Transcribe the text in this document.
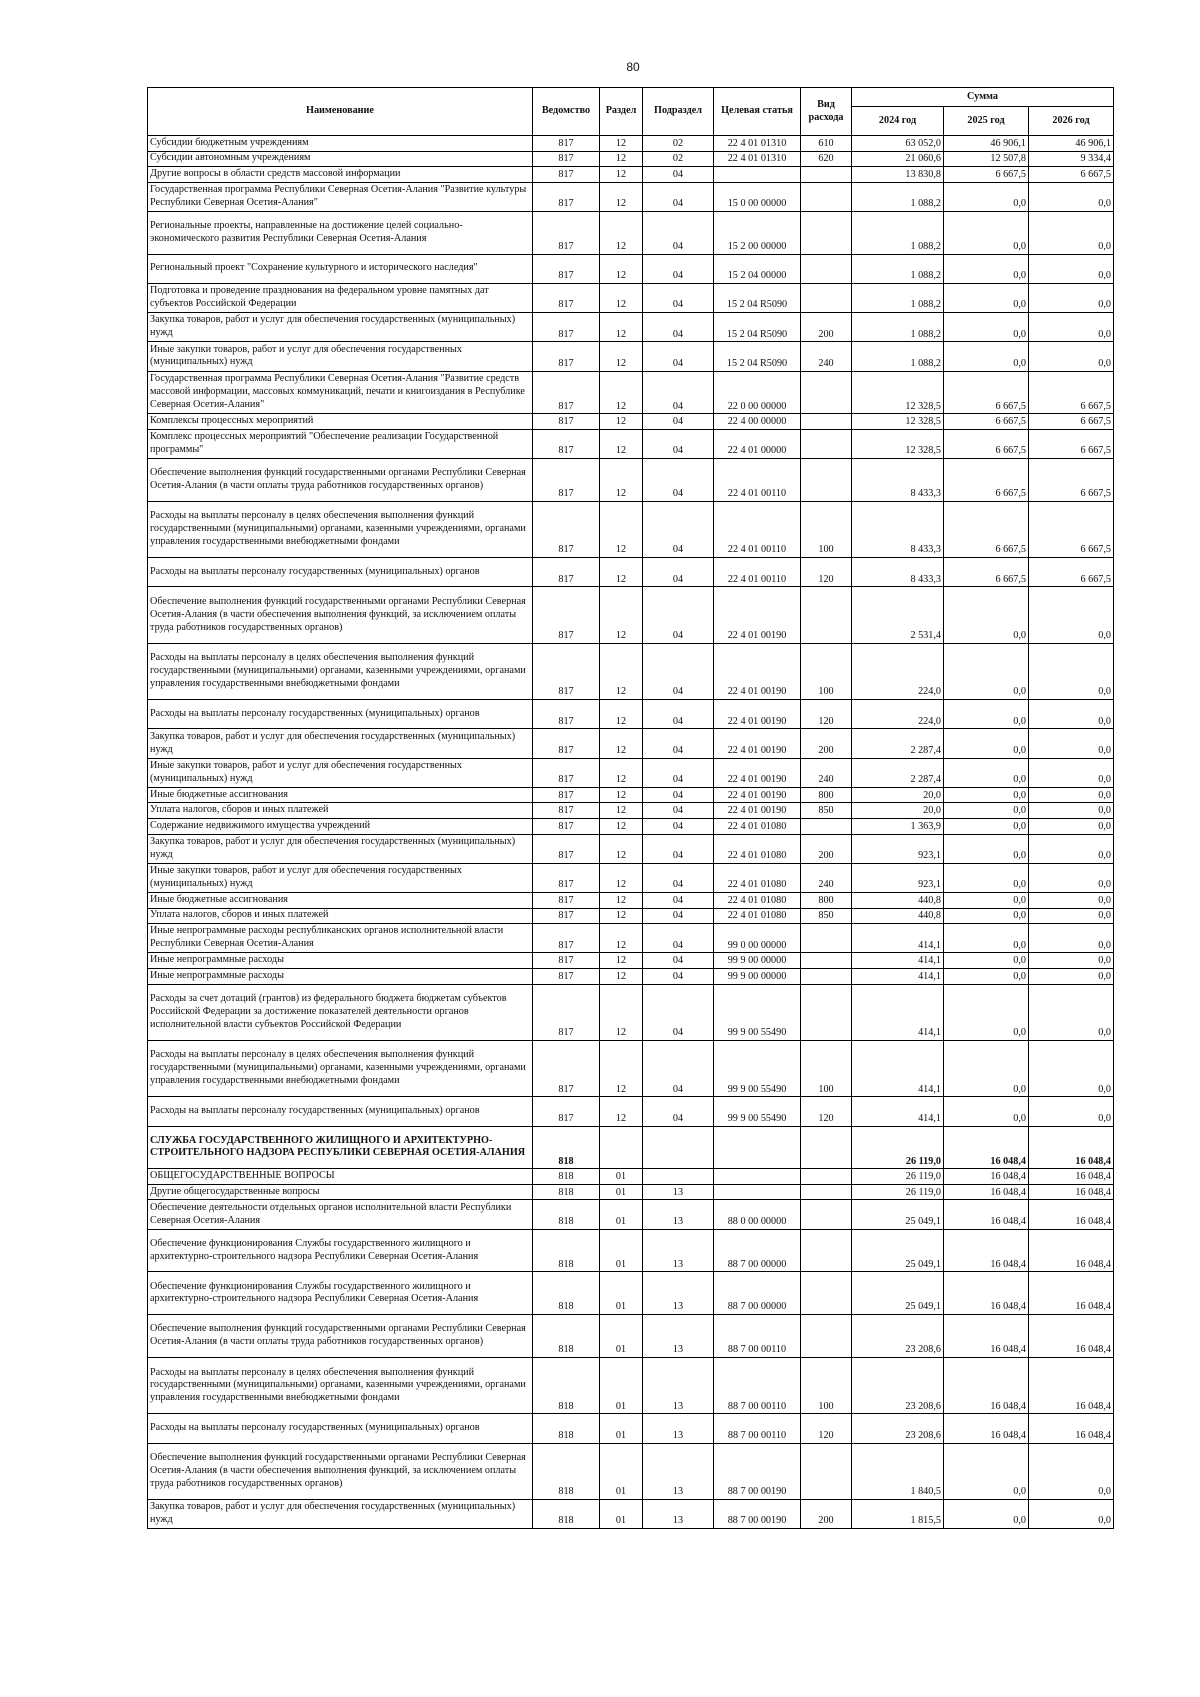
80
Наименование	Ведомство	Раздел	Подраздел	Целевая статья	Вид расхода	Сумма		
						2024 год	2025 год	2026 год
Субсидии бюджетным учреждениям	817	12	02	22 4 01 01310	610	63 052,0	46 906,1	46 906,1
Субсидии автономным учреждениям	817	12	02	22 4 01 01310	620	21 060,6	12 507,8	9 334,4
Другие вопросы в области средств массовой информации	817	12	04			13 830,8	6 667,5	6 667,5
Государственная программа Республики Северная Осетия-Алания "Развитие культуры Республики Северная Осетия-Алания"	817	12	04	15 0 00 00000		1 088,2	0,0	0,0
Региональные проекты, направленные на достижение целей социально-экономического развития Республики Северная Осетия-Алания	817	12	04	15 2 00 00000		1 088,2	0,0	0,0
Региональный проект "Сохранение культурного и исторического наследия"	817	12	04	15 2 04 00000		1 088,2	0,0	0,0
Подготовка и проведение празднования на федеральном уровне памятных дат субъектов Российской Федерации	817	12	04	15 2 04 R5090		1 088,2	0,0	0,0
Закупка товаров, работ и услуг для обеспечения государственных (муниципальных) нужд	817	12	04	15 2 04 R5090	200	1 088,2	0,0	0,0
Иные закупки товаров, работ и услуг для обеспечения государственных (муниципальных) нужд	817	12	04	15 2 04 R5090	240	1 088,2	0,0	0,0
Государственная программа Республики Северная Осетия-Алания "Развитие средств массовой информации, массовых коммуникаций, печати и книгоиздания в Республике Северная Осетия-Алания"	817	12	04	22 0 00 00000		12 328,5	6 667,5	6 667,5
Комплексы процессных мероприятий	817	12	04	22 4 00 00000		12 328,5	6 667,5	6 667,5
Комплекс процессных мероприятий "Обеспечение реализации Государственной программы"	817	12	04	22 4 01 00000		12 328,5	6 667,5	6 667,5
Обеспечение выполнения функций государственными органами Республики Северная Осетия-Алания (в части оплаты труда работников государственных органов)	817	12	04	22 4 01 00110		8 433,3	6 667,5	6 667,5
Расходы на выплаты персоналу в целях обеспечения выполнения функций государственными (муниципальными) органами, казенными учреждениями, органами управления государственными внебюджетными фондами	817	12	04	22 4 01 00110	100	8 433,3	6 667,5	6 667,5
Расходы на выплаты персоналу государственных (муниципальных) органов	817	12	04	22 4 01 00110	120	8 433,3	6 667,5	6 667,5
Обеспечение выполнения функций государственными органами Республики Северная Осетия-Алания (в части обеспечения выполнения функций, за исключением оплаты труда работников государственных органов)	817	12	04	22 4 01 00190		2 531,4	0,0	0,0
Расходы на выплаты персоналу в целях обеспечения выполнения функций государственными (муниципальными) органами, казенными учреждениями, органами управления государственными внебюджетными фондами	817	12	04	22 4 01 00190	100	224,0	0,0	0,0
Расходы на выплаты персоналу государственных (муниципальных) органов	817	12	04	22 4 01 00190	120	224,0	0,0	0,0
Закупка товаров, работ и услуг для обеспечения государственных (муниципальных) нужд	817	12	04	22 4 01 00190	200	2 287,4	0,0	0,0
Иные закупки товаров, работ и услуг для обеспечения государственных (муниципальных) нужд	817	12	04	22 4 01 00190	240	2 287,4	0,0	0,0
Иные бюджетные ассигнования	817	12	04	22 4 01 00190	800	20,0	0,0	0,0
Уплата налогов, сборов и иных платежей	817	12	04	22 4 01 00190	850	20,0	0,0	0,0
Содержание недвижимого имущества учреждений	817	12	04	22 4 01 01080		1 363,9	0,0	0,0
Закупка товаров, работ и услуг для обеспечения государственных (муниципальных) нужд	817	12	04	22 4 01 01080	200	923,1	0,0	0,0
Иные закупки товаров, работ и услуг для обеспечения государственных (муниципальных) нужд	817	12	04	22 4 01 01080	240	923,1	0,0	0,0
Иные бюджетные ассигнования	817	12	04	22 4 01 01080	800	440,8	0,0	0,0
Уплата налогов, сборов и иных платежей	817	12	04	22 4 01 01080	850	440,8	0,0	0,0
Иные непрограммные расходы республиканских органов исполнительной власти Республики Северная Осетия-Алания	817	12	04	99 0 00 00000		414,1	0,0	0,0
Иные непрограммные расходы	817	12	04	99 9 00 00000		414,1	0,0	0,0
Иные непрограммные расходы	817	12	04	99 9 00 00000		414,1	0,0	0,0
Расходы за счет дотаций (грантов) из федерального бюджета бюджетам субъектов Российской Федерации за достижение показателей деятельности органов исполнительной власти субъектов Российской Федерации	817	12	04	99 9 00 55490		414,1	0,0	0,0
Расходы на выплаты персоналу в целях обеспечения выполнения функций государственными (муниципальными) органами, казенными учреждениями, органами управления государственными внебюджетными фондами	817	12	04	99 9 00 55490	100	414,1	0,0	0,0
Расходы на выплаты персоналу государственных (муниципальных) органов	817	12	04	99 9 00 55490	120	414,1	0,0	0,0
СЛУЖБА ГОСУДАРСТВЕННОГО ЖИЛИЩНОГО И АРХИТЕКТУРНО-СТРОИТЕЛЬНОГО НАДЗОРА РЕСПУБЛИКИ СЕВЕРНАЯ ОСЕТИЯ-АЛАНИЯ	818					26 119,0	16 048,4	16 048,4
ОБЩЕГОСУДАРСТВЕННЫЕ ВОПРОСЫ	818	01				26 119,0	16 048,4	16 048,4
Другие общегосударственные вопросы	818	01	13			26 119,0	16 048,4	16 048,4
Обеспечение деятельности отдельных органов исполнительной власти Республики Северная Осетия-Алания	818	01	13	88 0 00 00000		25 049,1	16 048,4	16 048,4
Обеспечение функционирования Службы государственного жилищного и архитектурно-строительного надзора Республики Северная Осетия-Алания	818	01	13	88 7 00 00000		25 049,1	16 048,4	16 048,4
Обеспечение функционирования Службы государственного жилищного и архитектурно-строительного надзора Республики Северная Осетия-Алания	818	01	13	88 7 00 00000		25 049,1	16 048,4	16 048,4
Обеспечение выполнения функций государственными органами Республики Северная Осетия-Алания (в части оплаты труда работников государственных органов)	818	01	13	88 7 00 00110		23 208,6	16 048,4	16 048,4
Расходы на выплаты персоналу в целях обеспечения выполнения функций государственными (муниципальными) органами, казенными учреждениями, органами управления государственными внебюджетными фондами	818	01	13	88 7 00 00110	100	23 208,6	16 048,4	16 048,4
Расходы на выплаты персоналу государственных (муниципальных) органов	818	01	13	88 7 00 00110	120	23 208,6	16 048,4	16 048,4
Обеспечение выполнения функций государственными органами Республики Северная Осетия-Алания (в части обеспечения выполнения функций, за исключением оплаты труда работников государственных органов)	818	01	13	88 7 00 00190		1 840,5	0,0	0,0
Закупка товаров, работ и услуг для обеспечения государственных (муниципальных) нужд	818	01	13	88 7 00 00190	200	1 815,5	0,0	0,0
